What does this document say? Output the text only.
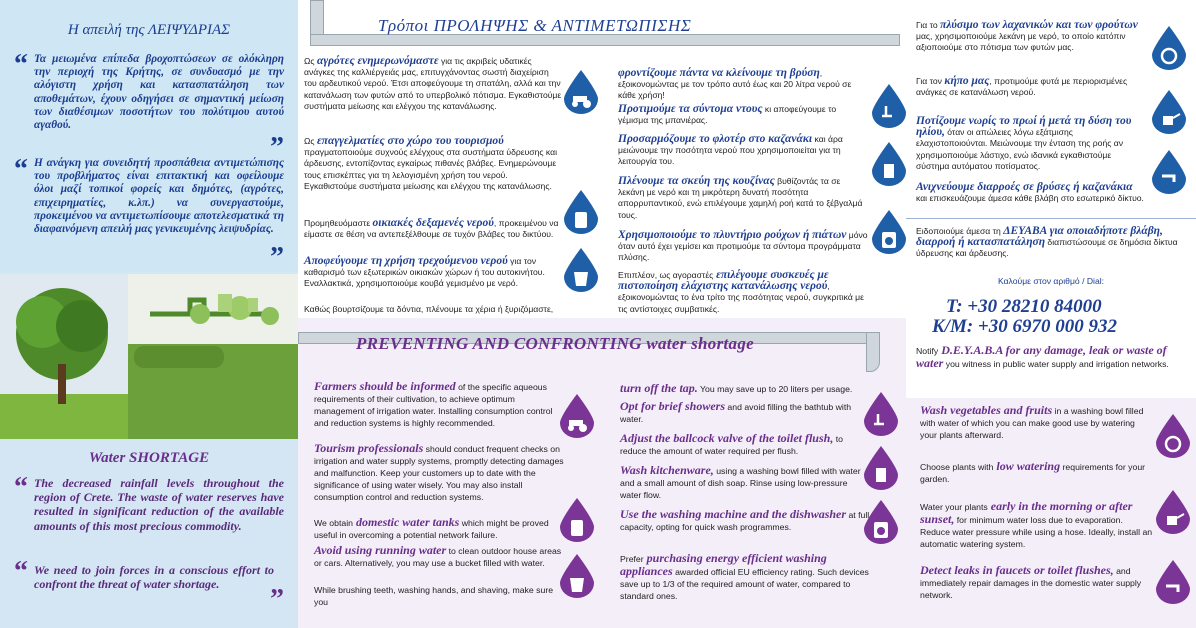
Η απειλή της ΛΕΙΨΥΔΡΙΑΣ
“ Τα μειωμένα επίπεδα βροχοπτώσεων σε ολόκληρη την περιοχή της Κρήτης, σε συνδυασμό με την αλόγιστη χρήση και κατασπατάληση των αποθεμάτων, έχουν οδηγήσει σε σημαντική μείωση των διαθέσιμων ποσοτήτων του πολύτιμου αυτού αγαθού.
”
“ Η ανάγκη για συνειδητή προσπάθεια αντιμετώπισης του προβλήματος είναι επιτακτική και οφείλουμε όλοι μαζί τοπικοί φορείς και δημότες, (αγρότες, επιχειρηματίες, κ.λπ.) να συνεργαστούμε, προκειμένου να αντιμετωπίσουμε αποτελεσματικά τη διαφαινόμενη απειλή μας γενικευμένης λειψυδρίας.
”
Water SHORTAGE
“ The decreased rainfall levels throughout the region of Crete. The waste of water reserves have resulted in significant reduction of the available amounts of this most precious commodity.
“ We need to join forces in a conscious effort to confront the threat of water shortage.	”
Τρόποι ΠΡΟΛΗΨΗΣ & ΑΝΤΙΜΕΤΩΠΙΣΗΣ
Ως αγρότες ενημερωνόμαστε για τις ακριβείς υδατικές ανάγκες της καλλιέργειάς μας, επιτυγχάνοντας σωστή διαχείριση του αρδευτικού νερού. Έτσι αποφεύγουμε τη σπατάλη, αλλά και την κατανάλωση των φυτών από το υπερβολικό πότισμα. Εγκαθιστούμε συστήματα μείωσης και ελέγχου της κατανάλωσης.
Ως επαγγελματίες στο χώρο του τουρισμού πραγματοποιούμε συχνούς ελέγχους στα συστήματα ύδρευσης και άρδευσης, εντοπίζοντας εγκαίρως πιθανές βλάβες. Ενημερώνουμε τους επισκέπτες για τη λελογισμένη χρήση του νερού. Εγκαθιστούμε συστήματα μείωσης και ελέγχου της κατανάλωσης.
Προμηθευόμαστε οικιακές δεξαμενές νερού, προκειμένου να είμαστε σε θέση να αντεπεξέλθουμε σε τυχόν βλάβες του δικτύου.
Αποφεύγουμε τη χρήση τρεχούμενου νερού για τον καθαρισμό των εξωτερικών οικιακών χώρων ή του αυτοκινήτου. Εναλλακτικά, χρησιμοποιούμε κουβά γεμισμένο με νερό.
Καθώς βουρτσίζουμε τα δόντια, πλένουμε τα χέρια ή ξυριζόμαστε,
φροντίζουμε πάντα να κλείνουμε τη βρύση, εξοικονομώντας με τον τρόπο αυτό έως και 20 λίτρα νερού σε κάθε χρήση!
Προτιμούμε τα σύντομα ντους κι αποφεύγουμε το γέμισμα της μπανιέρας.
Προσαρμόζουμε το φλοτέρ στο καζανάκι και άρα μειώνουμε την ποσότητα νερού που χρησιμοποιείται για τη λειτουργία του.
Πλένουμε τα σκεύη της κουζίνας βυθίζοντάς τα σε λεκάνη με νερό και τη μικρότερη δυνατή ποσότητα απορρυπαντικού, ενώ επιλέγουμε χαμηλή ροή κατά το ξέβγαλμά τους.
Χρησιμοποιούμε το πλυντήριο ρούχων ή πιάτων μόνο όταν αυτό έχει γεμίσει και προτιμούμε τα σύντομα προγράμματα πλύσης.
Επιπλέον, ως αγοραστές επιλέγουμε συσκευές με πιστοποίηση ελάχιστης κατανάλωσης νερού, εξοικονομώντας το ένα τρίτο της ποσότητας νερού, συγκριτικά με τις αντίστοιχες συμβατικές.
PREVENTING AND CONFRONTING water shortage
Farmers should be informed of the specific aqueous requirements of their cultivation, to achieve optimum management of irrigation water. Installing consumption control and reduction systems is highly recommended.
Tourism professionals should conduct frequent checks on irrigation and water supply systems, promptly detecting damages and malfunction. Keep your customers up to date with the significance of using water wisely. You may also install consumption control and reduction systems.
We obtain domestic water tanks which might be proved useful in overcoming a potential network failure.
Avoid using running water to clean outdoor house areas or cars. Alternatively, you may use a bucket filled with water.
While brushing teeth, washing hands, and shaving, make sure you
turn off the tap. You may save up to 20 liters per usage.
Opt for brief showers and avoid filling the bathtub with water.
Adjust the ballcock valve of the toilet flush, to reduce the amount of water required per flush.
Wash kitchenware, using a washing bowl filled with water and a small amount of dish soap. Rinse using low-pressure water flow.
Use the washing machine and the dishwasher at full capacity, opting for quick wash programmes.
Prefer purchasing energy efficient washing appliances awarded official EU efficiency rating. Such devices save up to 1/3 of the required amount of water, compared to standard ones.
Για το πλύσιμο των λαχανικών και των φρούτων μας, χρησιμοποιούμε λεκάνη με νερό, το οποίο κατόπιν αξιοποιούμε στο πότισμα των φυτών μας.
Για τον κήπο μας, προτιμούμε φυτά με περιορισμένες ανάγκες σε κατανάλωση νερού.
Ποτίζουμε νωρίς το πρωί ή μετά τη δύση του ηλίου, όταν οι απώλειες λόγω εξάτμισης ελαχιστοποιούνται. Μειώνουμε την ένταση της ροής αν χρησιμοποιούμε λάστιχο, ενώ ιδανικά εγκαθιστούμε σύστημα αυτόματου ποτίσματος.
Ανιχνεύουμε διαρροές σε βρύσες ή καζανάκια και επισκευάζουμε άμεσα κάθε βλάβη στο εσωτερικό δίκτυο.
Ειδοποιούμε άμεσα τη ΔΕΥΑΒΑ για οποιαδήποτε βλάβη, διαρροή ή κατασπατάληση διαπιστώσουμε σε δημόσια δίκτυα ύδρευσης και άρδευσης.
Καλούμε στον αριθμό / Dial:
T: +30 28210 84000
K/M: +30 6970 000 932
Notify D.E.Y.A.B.A for any damage, leak or waste of water you witness in public water supply and irrigation networks.
Wash vegetables and fruits in a washing bowl filled with water of which you can make good use by watering your plants afterward.
Choose plants with low watering requirements for your garden.
Water your plants early in the morning or after sunset, for minimum water loss due to evaporation. Reduce water pressure while using a hose. Ideally, install an automatic watering system.
Detect leaks in faucets or toilet flushes, and immediately repair damages in the domestic water supply network.
